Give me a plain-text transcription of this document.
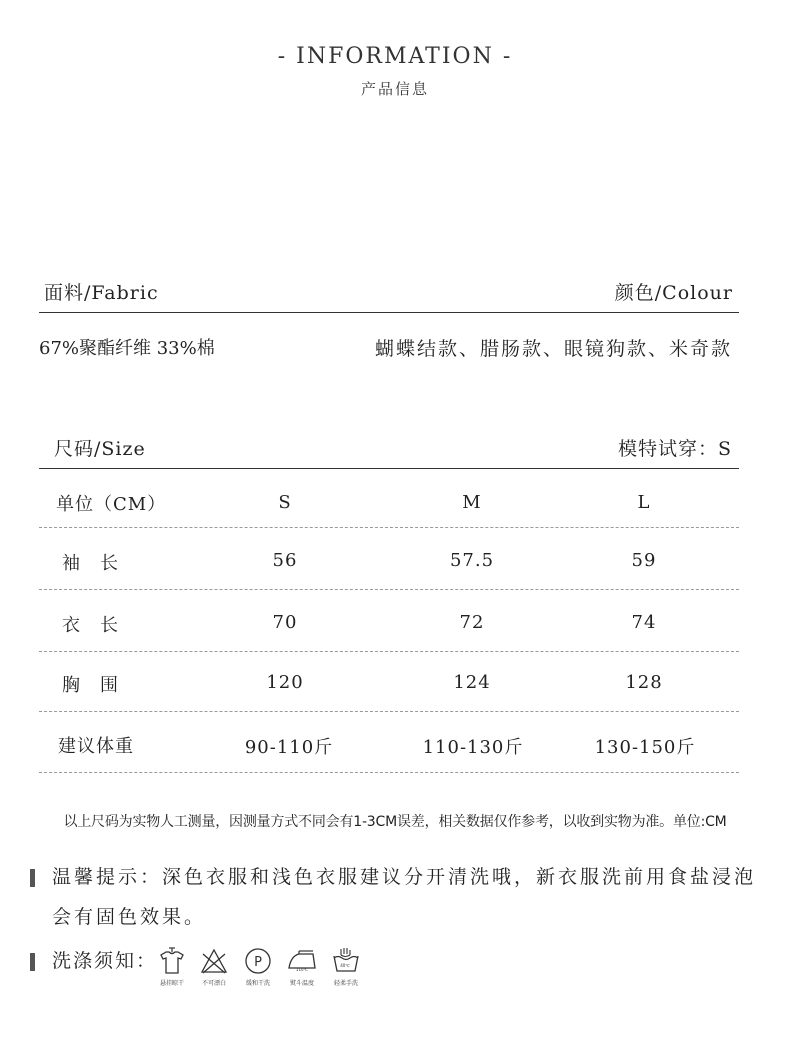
- INFORMATION -
产品信息
面料/Fabric	颜色/Colour
67%聚酯纤维 33%棉	蝴蝶结款、腊肠款、眼镜狗款、米奇款
尺码/Size	模特试穿：S
单位（CM）	S	M	L
袖　长	56	57.5	59
衣　长	70	72	74
胸　围	120	124	128
建议体重	90-110斤	110-130斤	130-150斤
以上尺码为实物人工测量，因测量方式不同会有1-3CM误差，相关数据仅作参考，以收到实物为准。单位:CM
温馨提示：深色衣服和浅色衣服建议分开清洗哦，新衣服洗前用食盐浸泡
会有固色效果。
洗涤须知：
悬挂晾干	不可漂白
P
缓和干洗	熨斗温度
110℃
轻柔手洗
40℃
